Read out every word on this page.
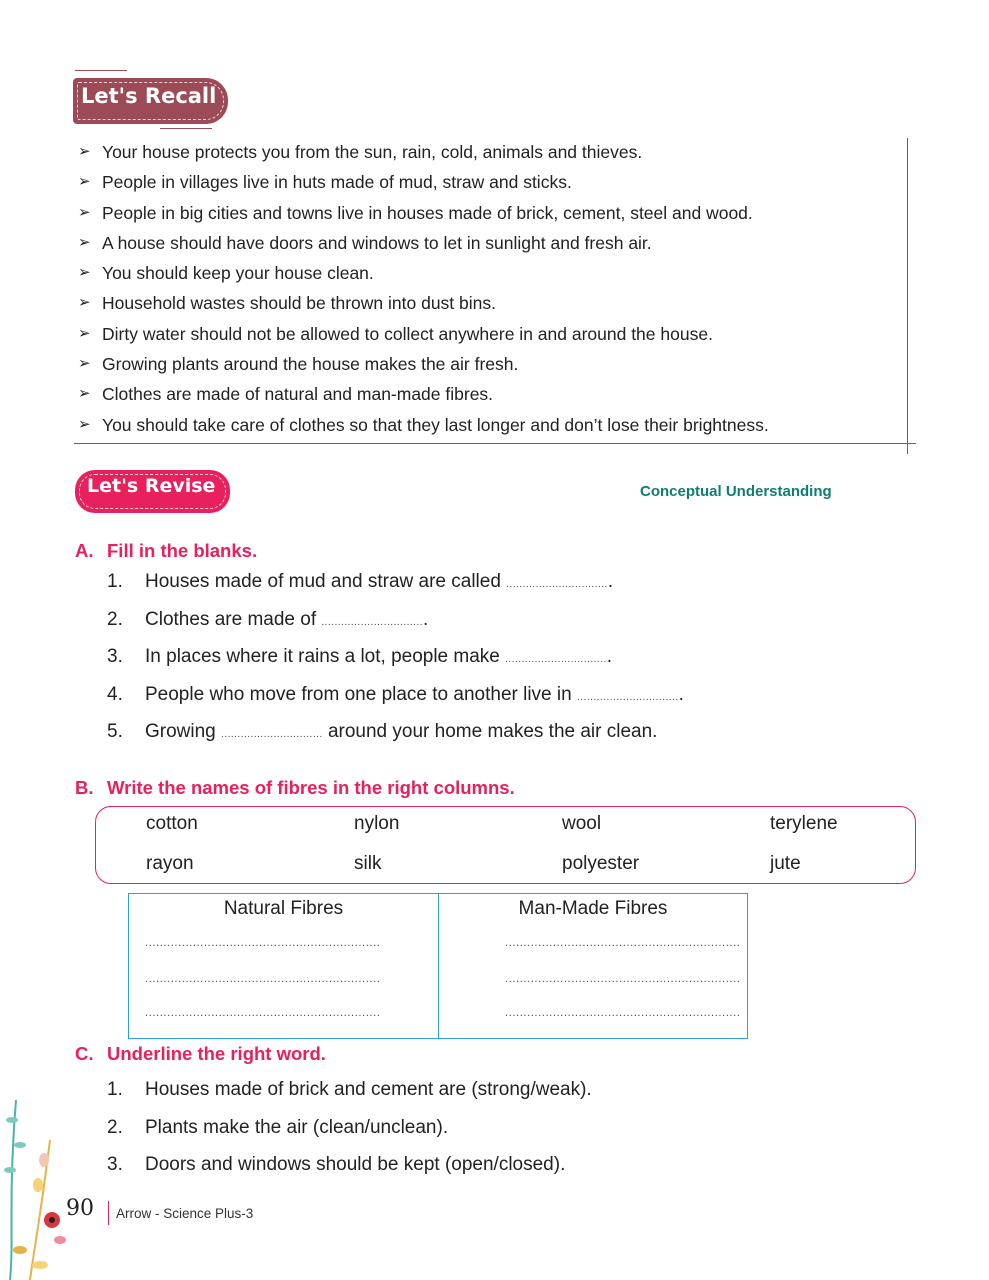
Let's Recall
➢ Your house protects you from the sun, rain, cold, animals and thieves.
➢ People in villages live in huts made of mud, straw and sticks.
➢ People in big cities and towns live in houses made of brick, cement, steel and wood.
➢ A house should have doors and windows to let in sunlight and fresh air.
➢ You should keep your house clean.
➢ Household wastes should be thrown into dust bins.
➢ Dirty water should not be allowed to collect anywhere in and around the house.
➢ Growing plants around the house makes the air fresh.
➢ Clothes are made of natural and man-made fibres.
➢ You should take care of clothes so that they last longer and don’t lose their brightness.
Let's Revise	Conceptual Understanding
A. Fill in the blanks.
1. Houses made of mud and straw are called ................................
2. Clothes are made of ................................
3. In places where it rains a lot, people make ................................
4. People who move from one place to another live in ................................
5. Growing ............................... around your home makes the air clean.
B. Write the names of fibres in the right columns.
cotton	nylon	wool	terylene
rayon	silk	polyester	jute
Natural Fibres
................................................................
................................................................
................................................................
Man-Made Fibres
................................................................
................................................................
................................................................
C. Underline the right word.
1. Houses made of brick and cement are (strong/weak).
2. Plants make the air (clean/unclean).
3. Doors and windows should be kept (open/closed).
90 Arrow - Science Plus-3
